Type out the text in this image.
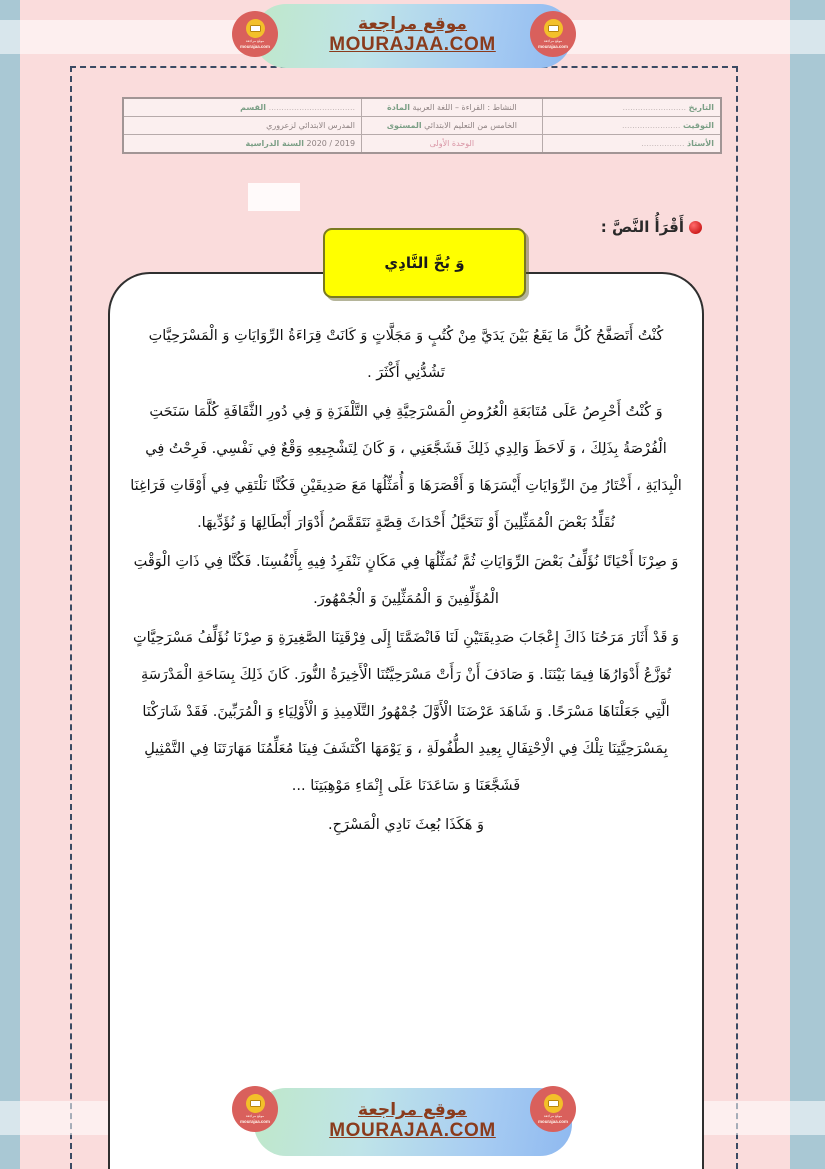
التاريخ .........................	النشاط : القراءة – اللغة العربية المادة	.................................. القسم
التوقيت .......................	الخامس من التعليم الابتدائي المستوى	المدرس الابتدائي لزعروري
الأستاذ .................	الوحدة الأولى	2019 / 2020 السنة الدراسية
أَقْرَأُ النَّصَّ :
وَ بُحَّ النَّادِي

كُنْتُ أَتَصَفَّحُ كُلَّ مَا يَقَعُ بَيْنَ يَدَيَّ مِنْ كُتُبٍ وَ مَجَلَّاتٍ وَ كَانَتْ قِرَاءَةُ الرِّوَايَاتِ وَ الْمَسْرَحِيَّاتِ تَشُدُّنِي أَكْثَرَ .

وَ كُنْتُ أَحْرِصُ عَلَى مُتَابَعَةِ الْعُرُوضِ الْمَسْرَحِيَّةِ فِي التَّلْفَزَةِ وَ فِي دُورِ الثَّقَافَةِ كُلَّمَا سَنَحَتِ الْفُرْصَةُ بِذَلِكَ ، وَ لَاحَظَ وَالِدِي ذَلِكَ فَشَجَّعَنِي ، وَ كَانَ لِتَشْجِيعِهِ وَقْعٌ فِي نَفْسِي. فَرِحْتُ فِي الْبِدَايَةِ ، أَخْتَارُ مِنَ الرِّوَايَاتِ أَيْسَرَهَا وَ أَقْصَرَهَا وَ أُمَثِّلُهَا مَعَ صَدِيقَيْنِ فَكُنَّا نَلْتَقِي فِي أَوْقَاتِ فَرَاغِنَا نُقَلِّدُ بَعْضَ الْمُمَثِّلِينَ أَوْ نَتَخَيَّلُ أَحْدَاثَ قِصَّةٍ نَتَقَمَّصُ أَدْوَارَ أَبْطَالِهَا وَ نُؤَدِّيهَا.

وَ صِرْنَا أَحْيَانًا نُؤَلِّفُ بَعْضَ الرِّوَايَاتِ ثُمَّ نُمَثِّلُهَا فِي مَكَانٍ نَنْفَرِدُ فِيهِ بِأَنْفُسِنَا. فَكُنَّا فِي ذَاتِ الْوَقْتِ الْمُؤَلِّفِينَ وَ الْمُمَثِّلِينَ وَ الْجُمْهُورَ.

وَ قَدْ أَثَارَ مَرَحُنَا ذَاكَ إِعْجَابَ صَدِيقَتَيْنِ لَنَا فَانْضَمَّتَا إِلَى فِرْقَتِنَا الصَّغِيرَةِ وَ صِرْنَا نُؤَلِّفُ مَسْرَحِيَّاتٍ تُوَزَّعُ أَدْوَارُهَا فِيمَا بَيْنَنَا. وَ صَادَفَ أَنْ رَأَتْ مَسْرَحِيَّتُنَا الْأَخِيرَةُ النُّورَ. كَانَ ذَلِكَ بِسَاحَةِ الْمَدْرَسَةِ الَّتِي جَعَلْنَاهَا مَسْرَحًا. وَ شَاهَدَ عَرْضَنَا الْأَوَّلَ جُمْهُورُ التَّلَامِيذِ وَ الْأَوْلِيَاءِ وَ الْمُرَبِّينَ. فَقَدْ شَارَكْنَا بِمَسْرَحِيَّتِنَا تِلْكَ فِي الْاِحْتِفَالِ بِعِيدِ الطُّفُولَةِ ، وَ يَوْمَهَا اكْتَشَفَ فِينَا مُعَلِّمُنَا مَهَارَتَنَا فِي التَّمْثِيلِ فَشَجَّعَنَا وَ سَاعَدَنَا عَلَى إِنْمَاءِ مَوْهِبَتِنَا ...

وَ هَكَذَا بُعِثَ نَادِي الْمَسْرَحِ.

موقع مراجعة
MOURAJAA.COM
موقع مراجعة
mourajaa.com
موقع مراجعة
mourajaa.com
موقع مراجعة
MOURAJAA.COM
موقع مراجعة
mourajaa.com
موقع مراجعة
mourajaa.com
